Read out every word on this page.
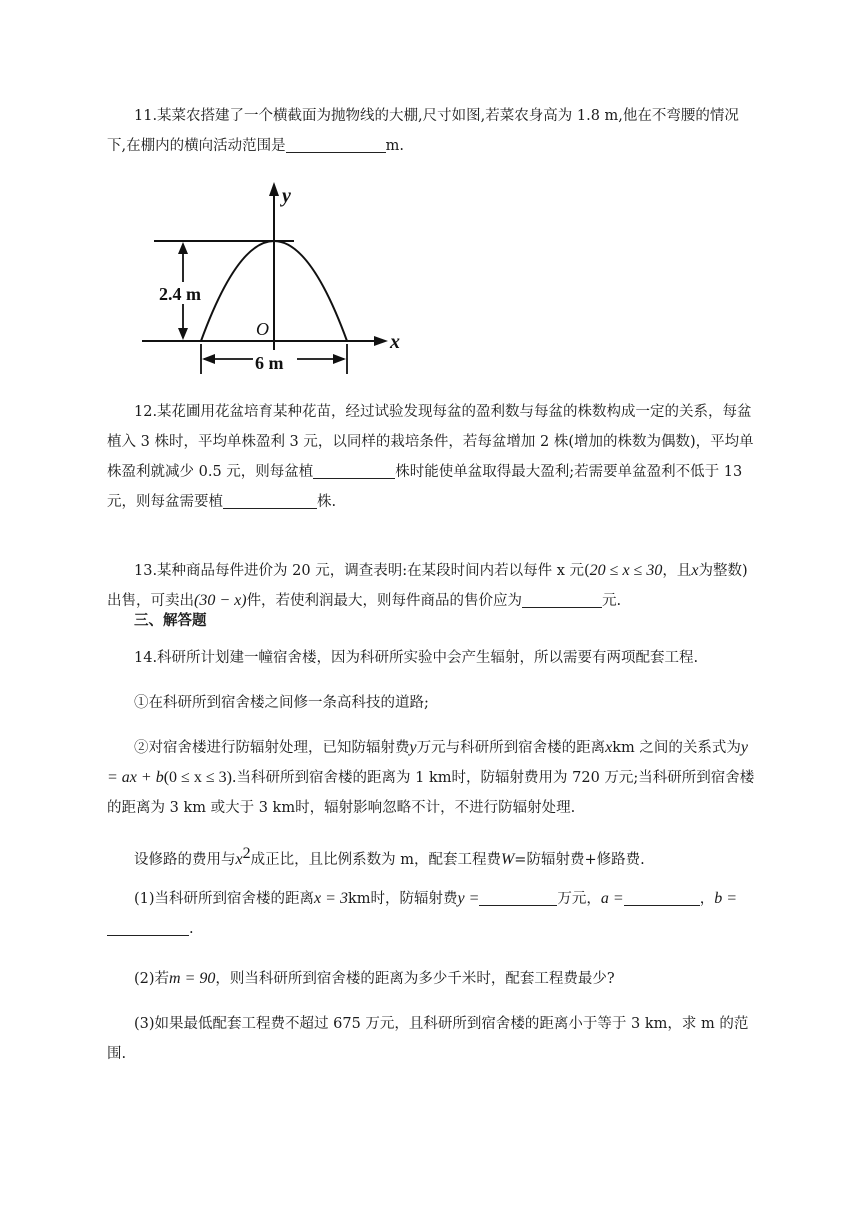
11.某菜农搭建了一个横截面为抛物线的大棚,尺寸如图,若菜农身高为 1.8 m,他在不弯腰的情况下,在棚内的横向活动范围是	m.

2.4 m
6 m
y
x
O

12.某花圃用花盆培育某种花苗，经过试验发现每盆的盈利数与每盆的株数构成一定的关系，每盆植入 3 株时，平均单株盈利 3 元，以同样的栽培条件，若每盆增加 2 株(增加的株数为偶数)，平均单株盈利就减少 0.5 元，则每盆植	株时能使单盆取得最大盈利;若需要单盆盈利不低于 13 元，则每盆需要植	株.

13.某种商品每件进价为 20 元，调查表明:在某段时间内若以每件 x 元(20 ≤ x ≤ 30，且x为整数)出售，可卖出(30 − x)件，若使利润最大，则每件商品的售价应为	元.

三、解答题

14.科研所计划建一幢宿舍楼，因为科研所实验中会产生辐射，所以需要有两项配套工程.

①在科研所到宿舍楼之间修一条高科技的道路;

②对宿舍楼进行防辐射处理，已知防辐射费y万元与科研所到宿舍楼的距离xkm 之间的关系式为y = ax + b(0 ≤ x ≤ 3).当科研所到宿舍楼的距离为 1 km时，防辐射费用为 720 万元;当科研所到宿舍楼的距离为 3 km 或大于 3 km时，辐射影响忽略不计，不进行防辐射处理.

设修路的费用与$x^2$成正比，且比例系数为 m，配套工程费W=防辐射费+修路费.

(1)当科研所到宿舍楼的距离x = 3km时，防辐射费y =	万元，a =	，b =.

(2)若m = 90，则当科研所到宿舍楼的距离为多少千米时，配套工程费最少?

(3)如果最低配套工程费不超过 675 万元，且科研所到宿舍楼的距离小于等于 3 km，求 m 的范围.
